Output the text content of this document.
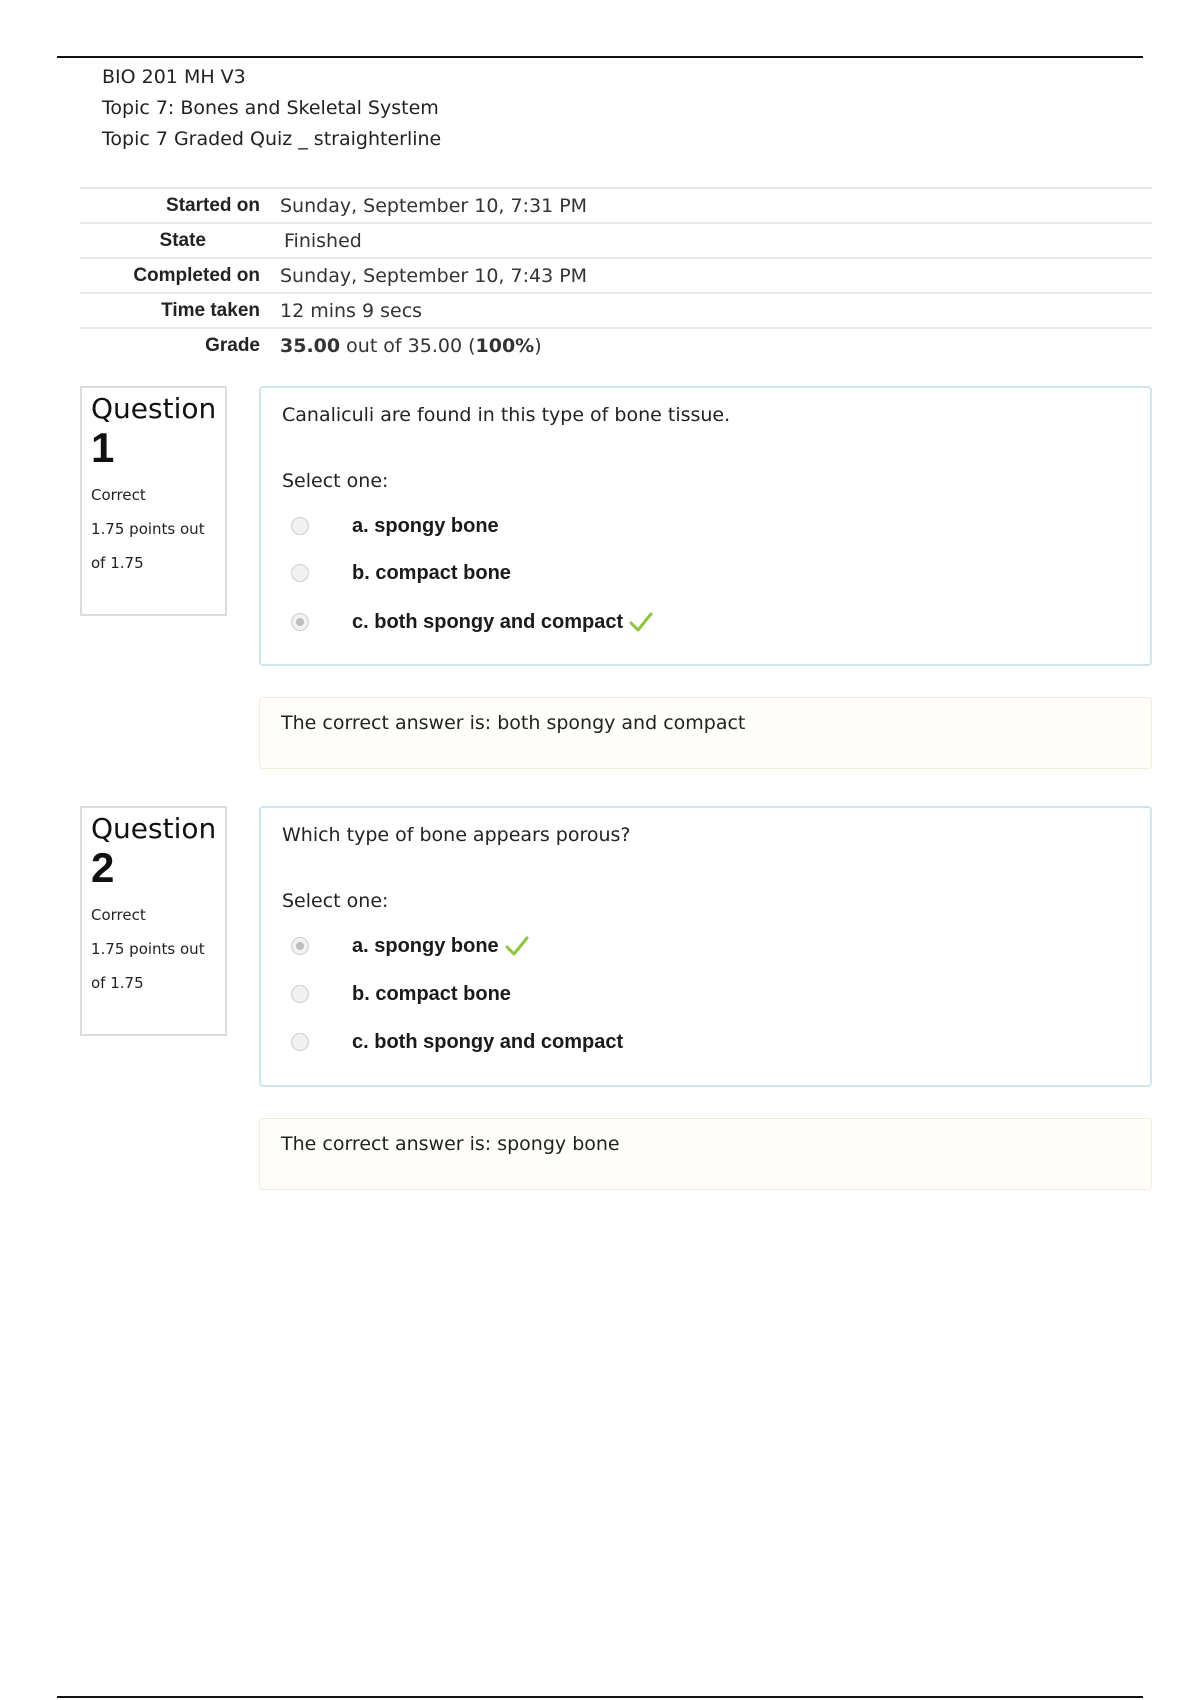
BIO 201 MH V3
Topic 7: Bones and Skeletal System
Topic 7 Graded Quiz _ straighterline
Started on	Sunday, September 10, 7:31 PM
State	Finished
Completed on	Sunday, September 10, 7:43 PM
Time taken	12 mins 9 secs
Grade	35.00 out of 35.00 (100%)
Question
1
Correct
1.75 points out of 1.75
Canaliculi are found in this type of bone tissue.
Select one:
a. spongy bone
b. compact bone
c. both spongy and compact
The correct answer is: both spongy and compact
Question
2
Correct
1.75 points out of 1.75
Which type of bone appears porous?
Select one:
a. spongy bone
b. compact bone
c. both spongy and compact
The correct answer is: spongy bone
